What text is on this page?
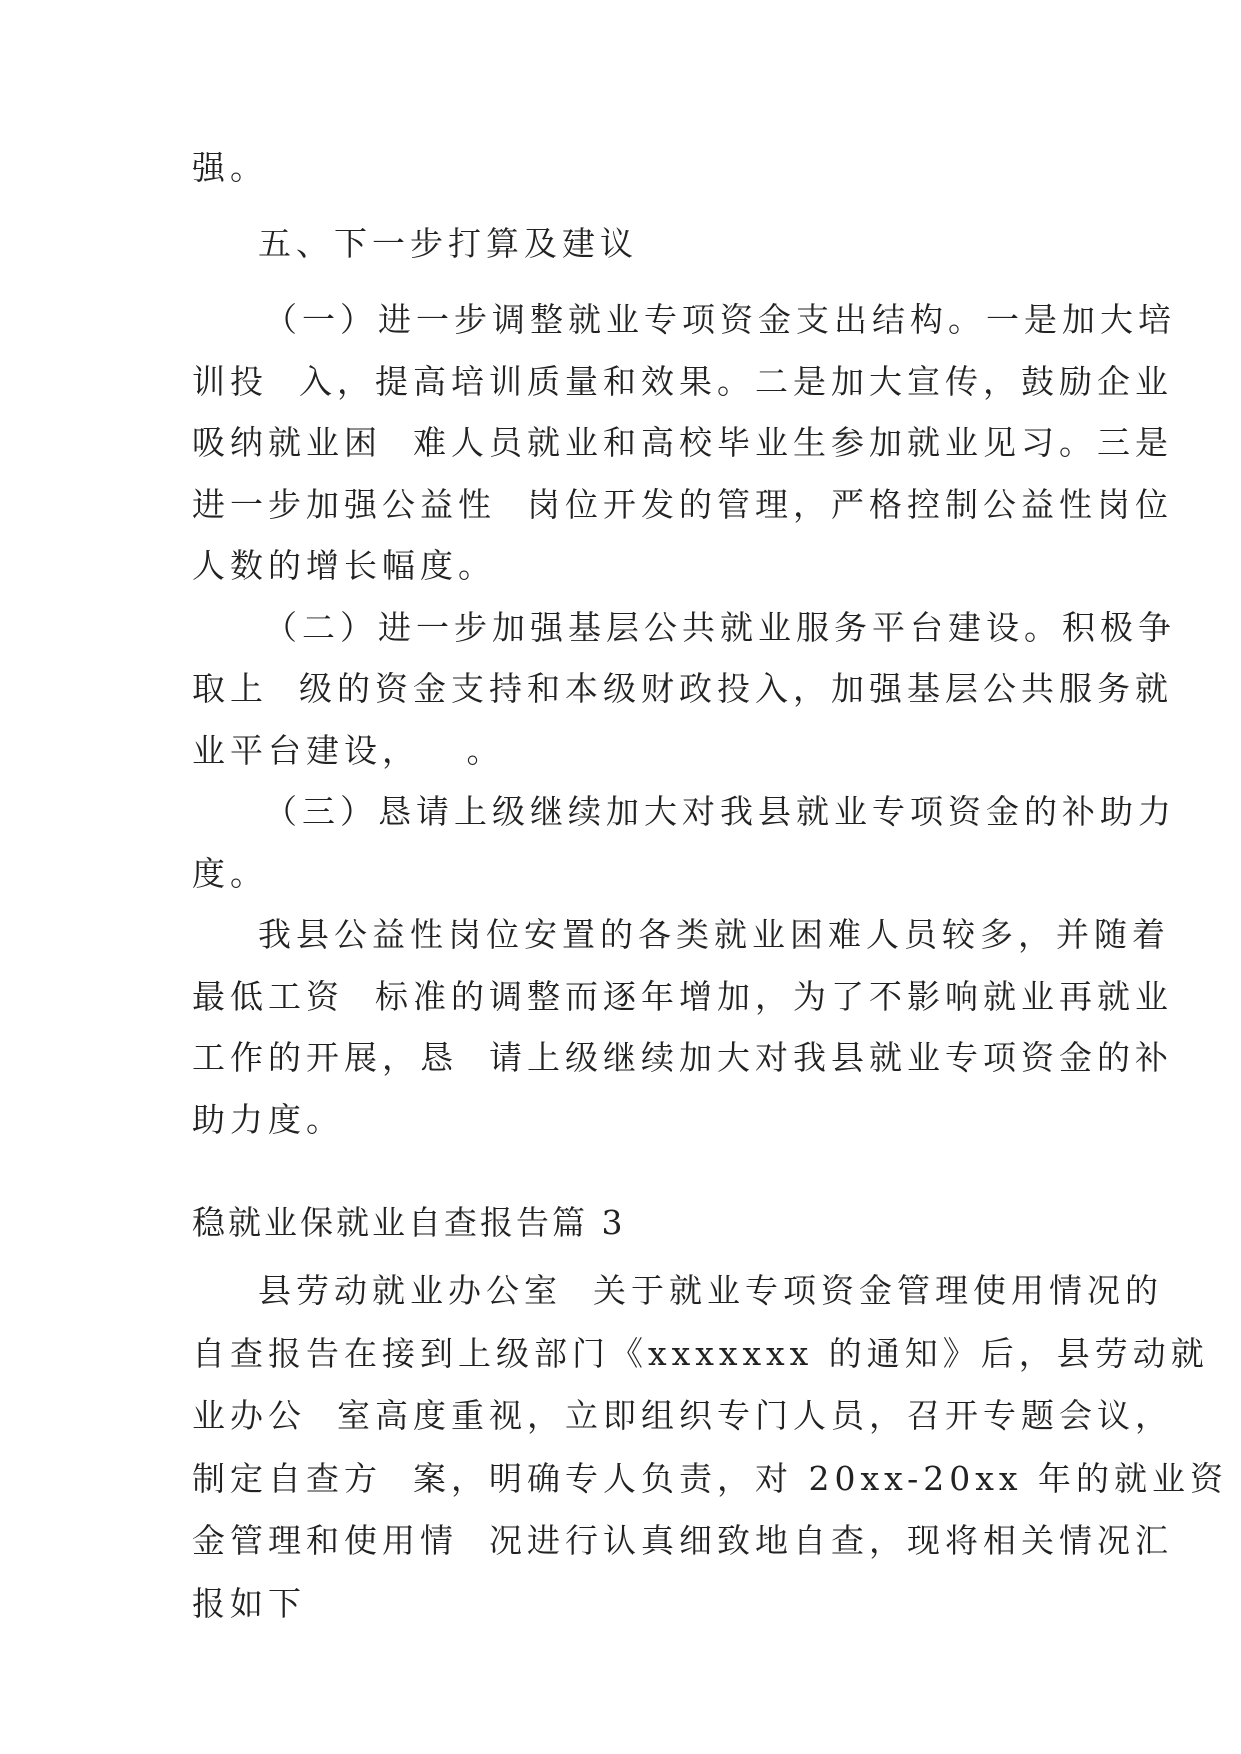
强。
五、下一步打算及建议
（一）进一步调整就业专项资金支出结构。一是加大培
训投  入，提高培训质量和效果。二是加大宣传，鼓励企业
吸纳就业困  难人员就业和高校毕业生参加就业见习。三是
进一步加强公益性  岗位开发的管理，严格控制公益性岗位
人数的增长幅度。
（二）进一步加强基层公共就业服务平台建设。积极争
取上  级的资金支持和本级财政投入，加强基层公共服务就
业平台建设，   。
（三）恳请上级继续加大对我县就业专项资金的补助力
度。
我县公益性岗位安置的各类就业困难人员较多，并随着
最低工资  标准的调整而逐年增加，为了不影响就业再就业
工作的开展，恳  请上级继续加大对我县就业专项资金的补
助力度。
稳就业保就业自查报告篇 3
县劳动就业办公室  关于就业专项资金管理使用情况的
自查报告在接到上级部门《xxxxxxx 的通知》后，县劳动就
业办公  室高度重视，立即组织专门人员，召开专题会议，
制定自查方  案，明确专人负责，对 20xx-20xx 年的就业资
金管理和使用情  况进行认真细致地自查，现将相关情况汇
报如下
